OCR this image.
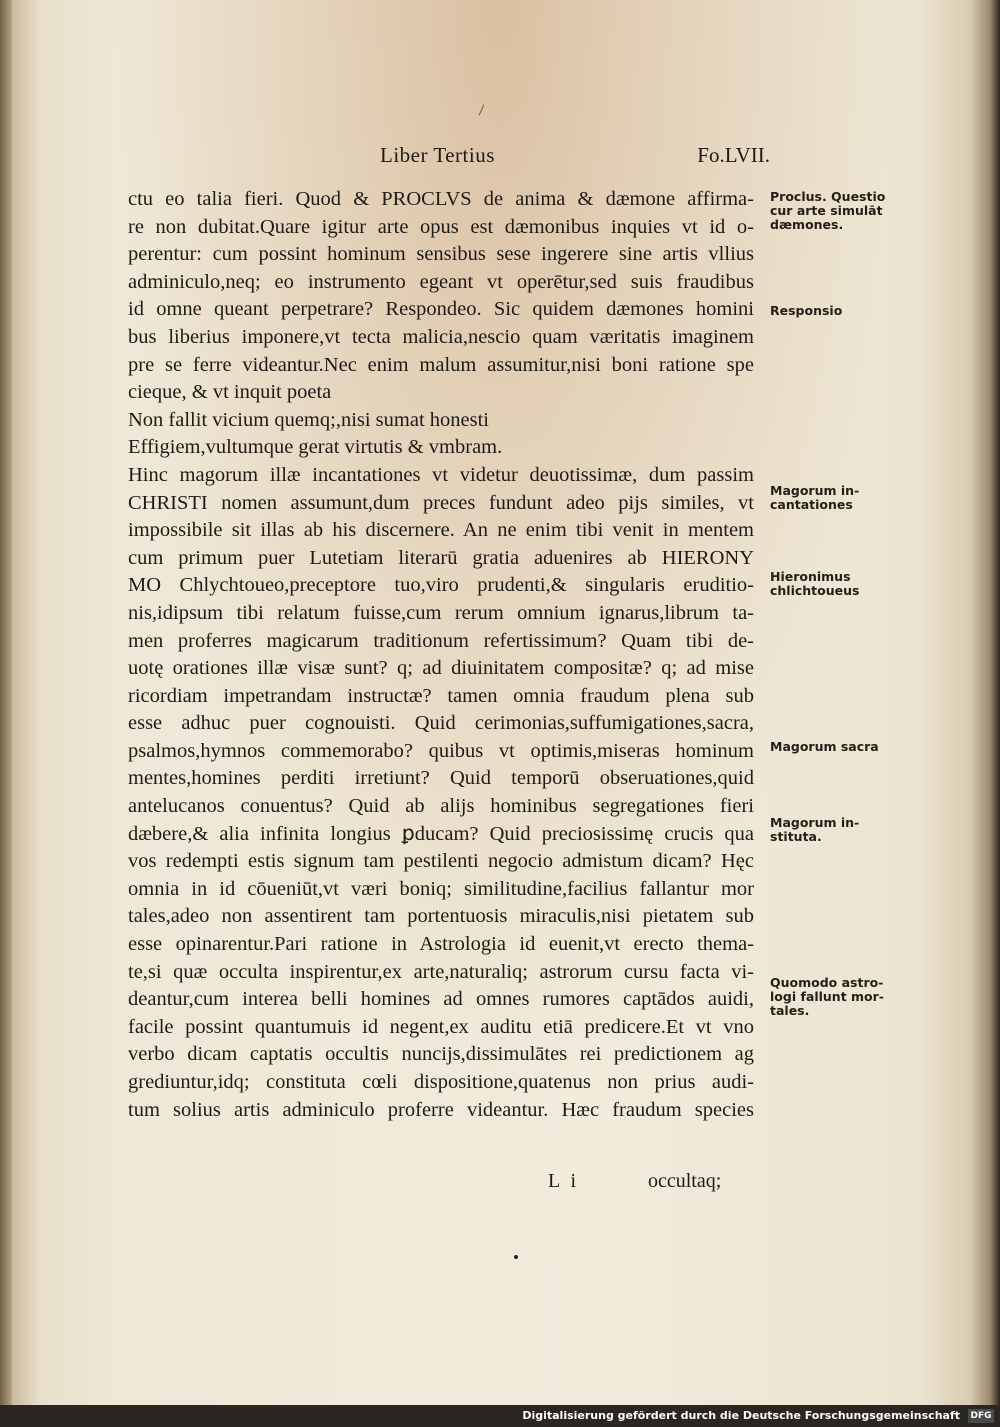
Liber Tertius	Fo.LVII.
ctu eo talia fieri. Quod & PROCLVS de anima & dæmone affirma-
re non dubitat.Quare igitur arte opus est dæmonibus inquies vt id o-
perentur: cum possint hominum sensibus sese ingerere sine artis vllius
adminiculo,neq; eo instrumento egeant vt operētur,sed suis fraudibus
id omne queant perpetrare? Respondeo. Sic quidem dæmones homini
bus liberius imponere,vt tecta malicia,nescio quam væritatis imaginem
pre se ferre videantur.Nec enim malum assumitur,nisi boni ratione spe
cieque, & vt inquit poeta
Non fallit vicium quemq;,nisi sumat honesti
Effigiem,vultumque gerat virtutis & vmbram.
Hinc magorum illæ incantationes vt videtur deuotissimæ, dum passim
CHRISTI nomen assumunt,dum preces fundunt adeo pijs similes, vt
impossibile sit illas ab his discernere. An ne enim tibi venit in mentem
cum primum puer Lutetiam literarū gratia aduenires ab HIERONY
MO Chlychtoueo,preceptore tuo,viro prudenti,& singularis eruditio-
nis,idipsum tibi relatum fuisse,cum rerum omnium ignarus,librum ta-
men proferres magicarum traditionum refertissimum? Quam tibi de-
uotę orationes illæ visæ sunt? q; ad diuinitatem compositæ? q; ad mise
ricordiam impetrandam instructæ? tamen omnia fraudum plena sub
esse adhuc puer cognouisti. Quid cerimonias,suffumigationes,sacra,
psalmos,hymnos commemorabo? quibus vt optimis,miseras hominum
mentes,homines perditi irretiunt? Quid temporū obseruationes,quid
antelucanos conuentus? Quid ab alijs hominibus segregationes fieri
dæbere,& alia infinita longius ꝑducam? Quid preciosissimę crucis qua
vos redempti estis signum tam pestilenti negocio admistum dicam? Hęc
omnia in id cōueniūt,vt væri boniq; similitudine,facilius fallantur mor
tales,adeo non assentirent tam portentuosis miraculis,nisi pietatem sub
esse opinarentur.Pari ratione in Astrologia id euenit,vt erecto thema-
te,si quæ occulta inspirentur,ex arte,naturaliq; astrorum cursu facta vi-
deantur,cum interea belli homines ad omnes rumores captādos auidi,
facile possint quantumuis id negent,ex auditu etiā predicere.Et vt vno
verbo dicam captatis occultis nuncijs,dissimulātes rei predictionem ag
grediuntur,idq; constituta cœli dispositione,quatenus non prius audi-
tum solius artis adminiculo proferre videantur. Hæc fraudum species
Proclus. Questio cur arte simulāt dæmones.
Responsio
Magorum in- cantationes
Hieronimus chlichtoueus
Magorum sacra
Magorum in- stituta.
Quomodo astro- logi fallunt mor- tales.
L i	occultaq;
Digitalisierung gefördert durch die Deutsche Forschungsgemeinschaft DFG
